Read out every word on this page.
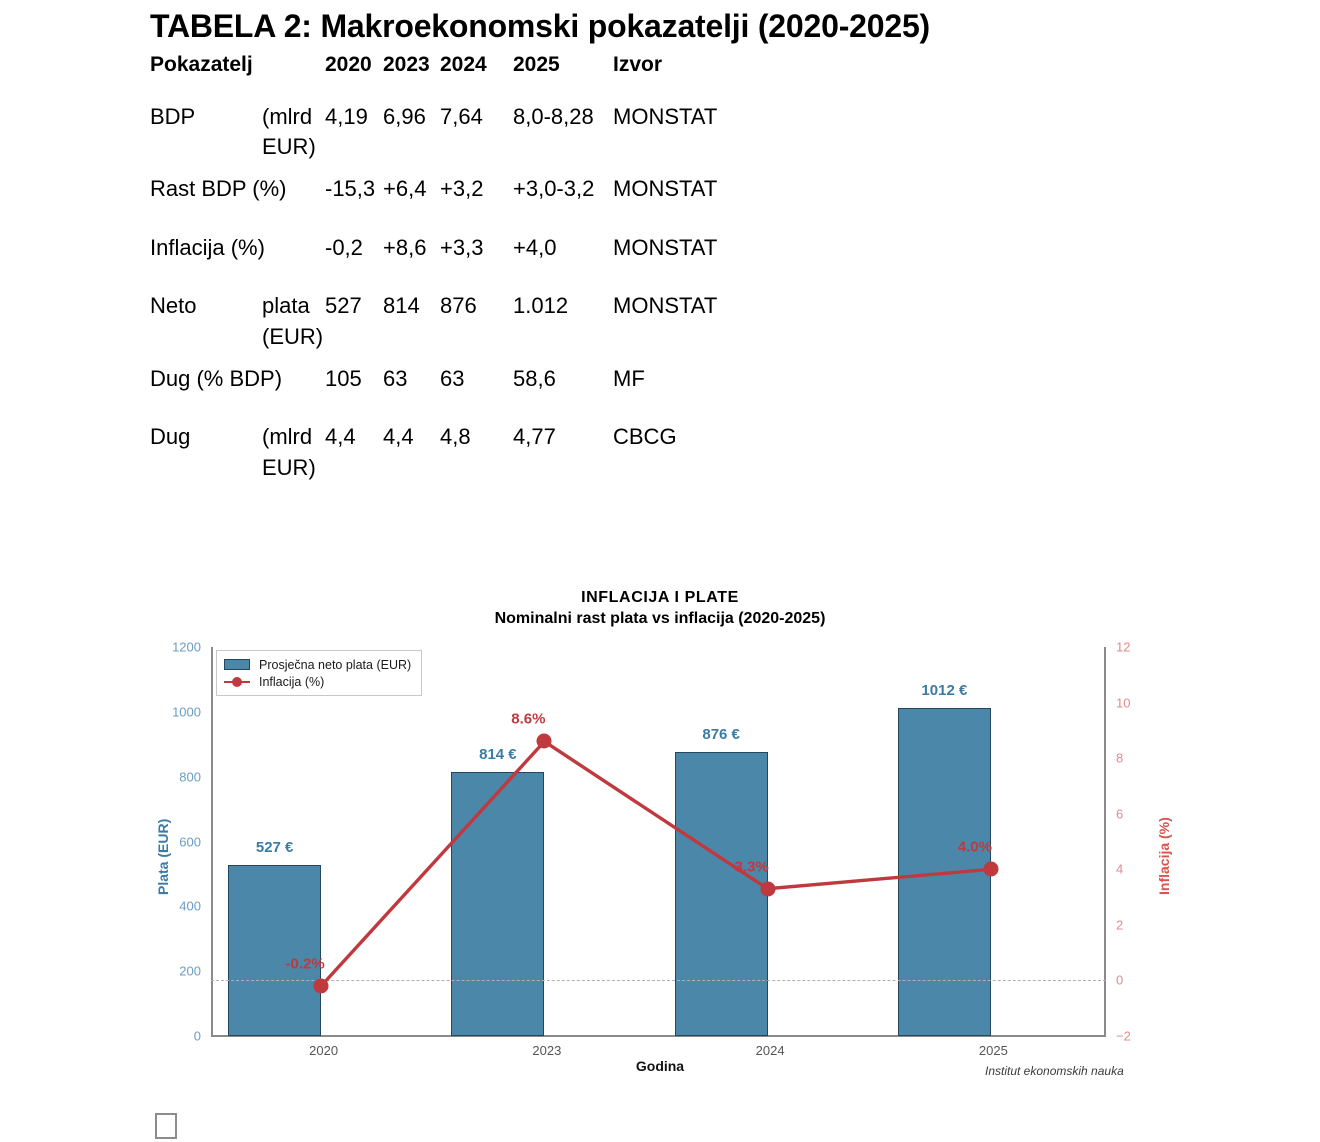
TABELA 2: Makroekonomski pokazatelji (2020-2025)
Pokazatelj	2020	2023	2024	2025	Izvor

BDP (mlrd EUR)	4,19	6,96	7,64	8,0-8,28	MONSTAT

Rast BDP (%)	-15,3	+6,4	+3,2	+3,0-3,2	MONSTAT

Inflacija (%)	-0,2	+8,6	+3,3	+4,0	MONSTAT

Neto plata (EUR)	527	814	876	1.012	MONSTAT

Dug (% BDP)	105	63	63	58,6	MF

Dug (mlrd EUR)	4,4	4,4	4,8	4,77	CBCG
INFLACIJA I PLATE
Nominalni rast plata vs inflacija (2020-2025)
Plata (EUR)	Inflacija (%)
Godina	Institut ekonomskih nauka
0
200
400
600
800
1000
1200
−2
0
2
4
6
8
10
12
2020	2023	2024	2025
527 €
814 €
876 €
1012 €
-0.2%
8.6%
3.3%
4.0%
Prosječna neto plata (EUR)
Inflacija (%)
